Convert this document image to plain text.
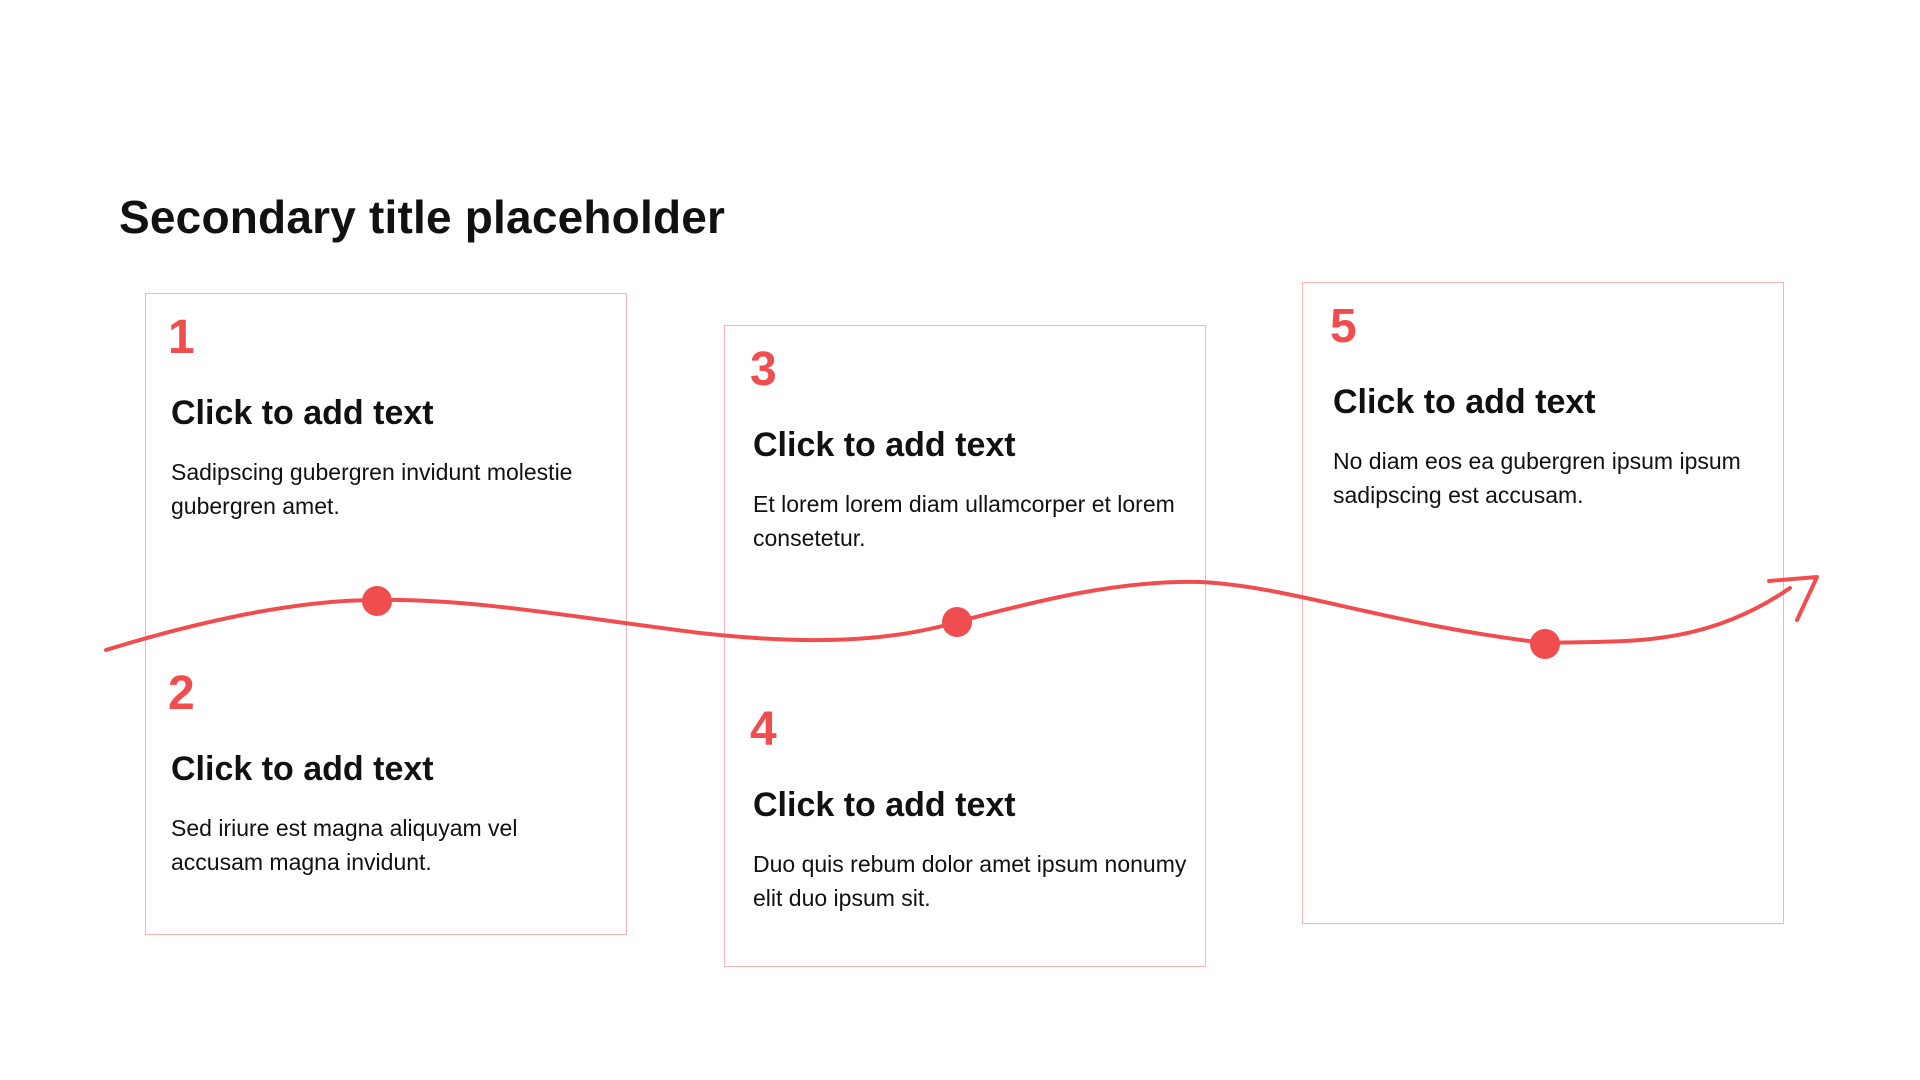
Secondary title placeholder
1
Click to add text
Sadipscing gubergren invidunt molestie gubergren amet.
2
Click to add text
Sed iriure est magna aliquyam vel accusam magna invidunt.
3
Click to add text
Et lorem lorem diam ullamcorper et lorem consetetur.
4
Click to add text
Duo quis rebum dolor amet ipsum nonumy elit duo ipsum sit.
5
Click to add text
No diam eos ea gubergren ipsum ipsum sadipscing est accusam.
